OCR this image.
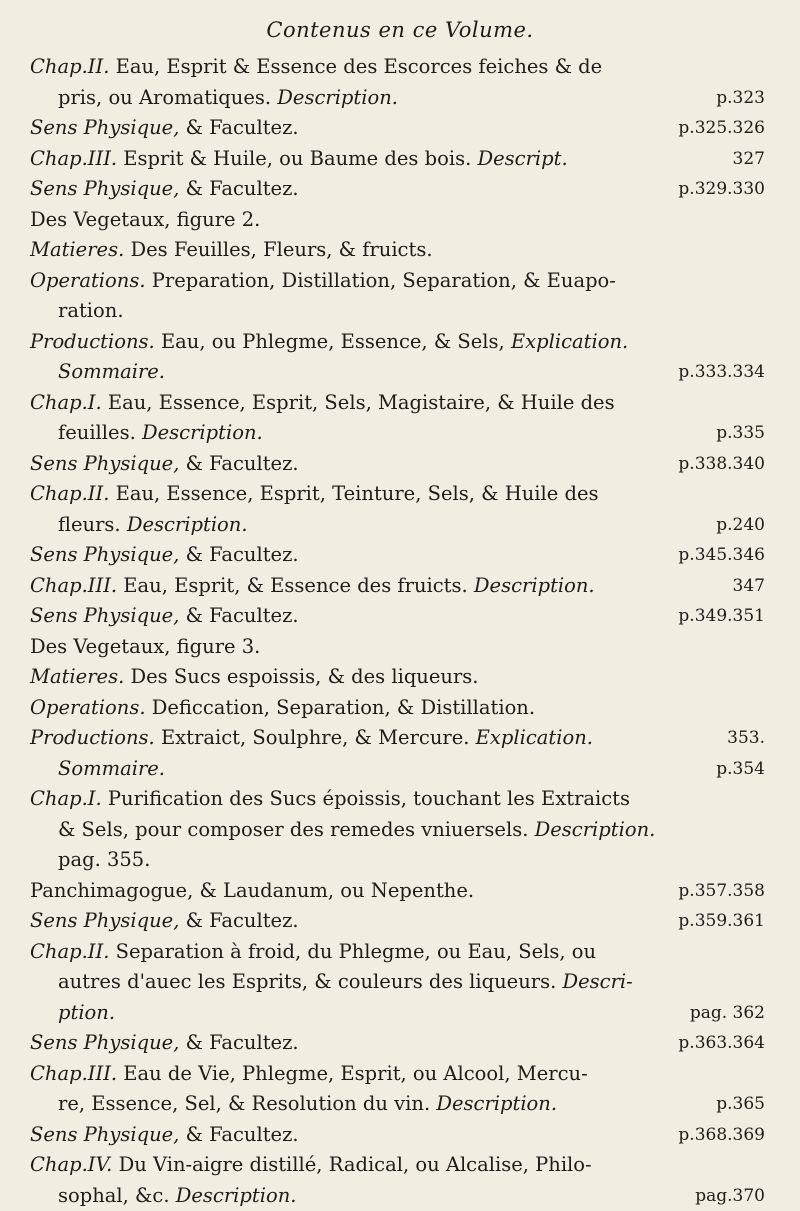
Contenus en ce Volume.
Chap.II. Eau, Esprit & Essence des Escorces feiches & de
p.323
pris, ou Aromatiques. Description.
p.325.326
Sens Physique, & Facultez.
327
Chap.III. Esprit & Huile, ou Baume des bois. Descript.
p.329.330
Sens Physique, & Facultez.
Des Vegetaux, figure 2.
Matieres. Des Feuilles, Fleurs, & fruicts.
Operations. Preparation, Distillation, Separation, & Euapo-
ration.
Productions. Eau, ou Phlegme, Essence, & Sels, Explication.
p.333.334
Sommaire.
Chap.I. Eau, Essence, Esprit, Sels, Magistaire, & Huile des
p.335
feuilles. Description.
p.338.340
Sens Physique, & Facultez.
Chap.II. Eau, Essence, Esprit, Teinture, Sels, & Huile des
p.240
fleurs. Description.
p.345.346
Sens Physique, & Facultez.
347
Chap.III. Eau, Esprit, & Essence des fruicts. Description.
p.349.351
Sens Physique, & Facultez.
Des Vegetaux, figure 3.
Matieres. Des Sucs espoissis, & des liqueurs.
Operations. Deficcation, Separation, & Distillation.
353.
Productions. Extraict, Soulphre, & Mercure. Explication.
p.354
Sommaire.
Chap.I. Purification des Sucs époissis, touchant les Extraicts
& Sels, pour composer des remedes vniuersels. Description.
pag. 355.
p.357.358
Panchimagogue, & Laudanum, ou Nepenthe.
p.359.361
Sens Physique, & Facultez.
Chap.II. Separation à froid, du Phlegme, ou Eau, Sels, ou
autres d'auec les Esprits, & couleurs des liqueurs. Descri-
pag. 362
ption.
p.363.364
Sens Physique, & Facultez.
Chap.III. Eau de Vie, Phlegme, Esprit, ou Alcool, Mercu-
p.365
re, Essence, Sel, & Resolution du vin. Description.
p.368.369
Sens Physique, & Facultez.
Chap.IV. Du Vin-aigre distillé, Radical, ou Alcalise, Philo-
pag.370
sophal, &c. Description.
